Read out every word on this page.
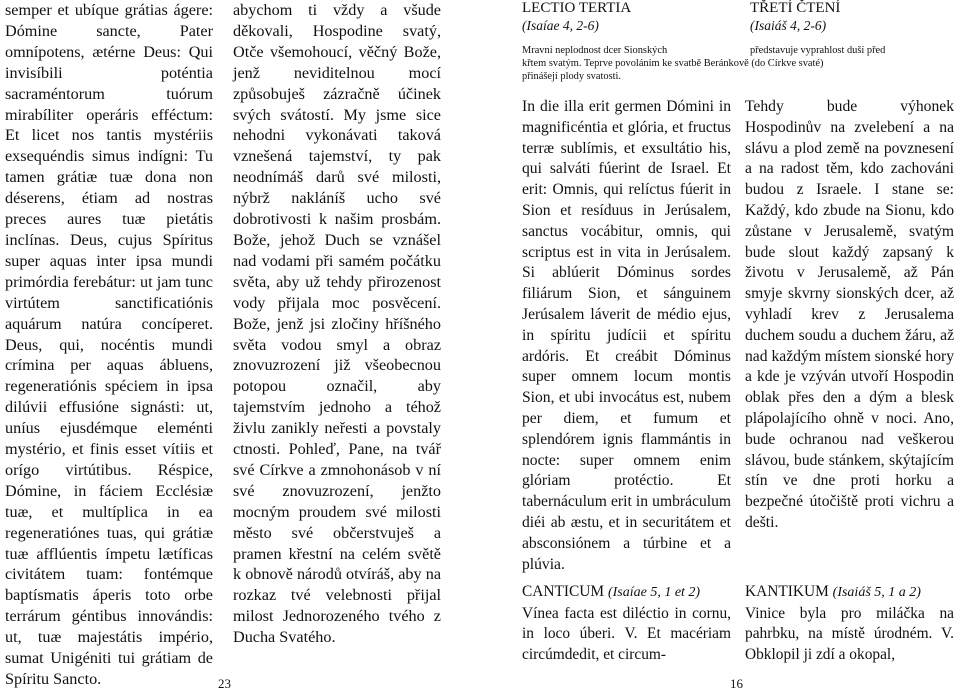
semper et ubíque grátias ágere: Dómine sancte, Pater omnípotens, ætérne Deus: Qui invisíbili poténtia sacraméntorum tuórum mirabíliter operáris efféctum: Et licet nos tantis mystériis exsequéndis simus indígni: Tu tamen grátiæ tuæ dona non déserens, étiam ad nostras preces aures tuæ pietátis inclínas. Deus, cujus Spíritus super aquas inter ipsa mundi primórdia ferebátur: ut jam tunc virtútem sanctificatiónis aquárum natúra concíperet. Deus, qui, nocéntis mundi crímina per aquas ábluens, regeneratiónis spéciem in ipsa dilúvii effusióne signásti: ut, uníus ejusdémque eleménti mystério, et finis esset vítiis et orígo virtútibus. Réspice, Dómine, in fáciem Ecclésiæ tuæ, et multíplica in ea regeneratiónes tuas, qui grátiæ tuæ afflúentis ímpetu lætíficas civitátem tuam: fontémque baptísmatis áperis toto orbe terrárum géntibus innovándis: ut, tuæ majestátis império, sumat Unigéniti tui grátiam de Spíritu Sancto.

abychom ti vždy a všude děkovali, Hospodine svatý, Otče všemohoucí, věčný Bože, jenž neviditelnou mocí způsobuješ zázračně účinek svých svátostí. My jsme sice nehodni vykonávati taková vznešená tajemství, ty pak neodnímáš darů své milosti, nýbrž nakláníš ucho své dobrotivosti k našim prosbám. Bože, jehož Duch se vznášel nad vodami při samém počátku světa, aby už tehdy přirozenost vody přijala moc posvěcení. Bože, jenž jsi zločiny hříšného světa vodou smyl a obraz znovuzrození již všeobecnou potopou označil, aby tajemstvím jednoho a téhož živlu zanikly neřesti a povstaly ctnosti. Pohleď, Pane, na tvář své Církve a zmnohonásob v ní své znovuzrození, jenžto mocným proudem své milosti město své občerstvuješ a pramen křestní na celém světě k obnově národů otvíráš, aby na rozkaz tvé velebnosti přijal milost Jednorozeného tvého z Ducha Svatého.

23
LECTIO TERTIA
(Isaíae 4, 2-6)
TŘETÍ ČTENÍ
(Isaiáš 4, 2-6)
Mravní neplodnost dcer Sionských	představuje vyprahlost duší před
křtem svatým. Teprve povoláním ke svatbě Beránkově (do Církve svaté)
přinášejí plody svatosti.
In die illa erit germen Dómini in magnificéntia et glória, et fructus terræ sublímis, et exsultátio his, qui salváti fúerint de Israel. Et erit: Omnis, qui relíctus fúerit in Sion et resíduus in Jerúsalem, sanctus vocábitur, omnis, qui scriptus est in vita in Jerúsalem. Si ablúerit Dóminus sordes filiárum Sion, et sánguinem Jerúsalem láverit de médio ejus, in spíritu judícii et spíritu ardóris. Et creábit Dóminus super omnem locum montis Sion, et ubi invocátus est, nubem per diem, et fumum et splendórem ignis flammántis in nocte: super omnem enim glóriam protéctio. Et tabernáculum erit in umbráculum diéi ab æstu, et in securitátem et absconsiónem a túrbine et a plúvia.
Tehdy bude výhonek Hospodinův na zvelebení a na slávu a plod země na povznesení a na radost těm, kdo zachováni budou z Israele. I stane se: Každý, kdo zbude na Sionu, kdo zůstane v Jerusalemě, svatým bude slout každý zapsaný k životu v Jerusalemě, až Pán smyje skvrny sionských dcer, až vyhladí krev z Jerusalema duchem soudu a duchem žáru, až nad každým místem sionské hory a kde je vzýván utvoří Hospodin oblak přes den a dým a blesk plápolajícího ohně v noci. Ano, bude ochranou nad veškerou slávou, bude stánkem, skýtajícím stín ve dne proti horku a bezpečné útočiště proti vichru a dešti.
CANTICUM (Isaíae 5, 1 et 2)
Vínea facta est diléctio in cornu, in loco úberi. V. Et macériam circúmdedit, et circum-
KANTIKUM (Isaiáš 5, 1 a 2)
Vinice byla pro miláčka na pahrbku, na místě úrodném. V. Obklopil ji zdí a okopal,
16
